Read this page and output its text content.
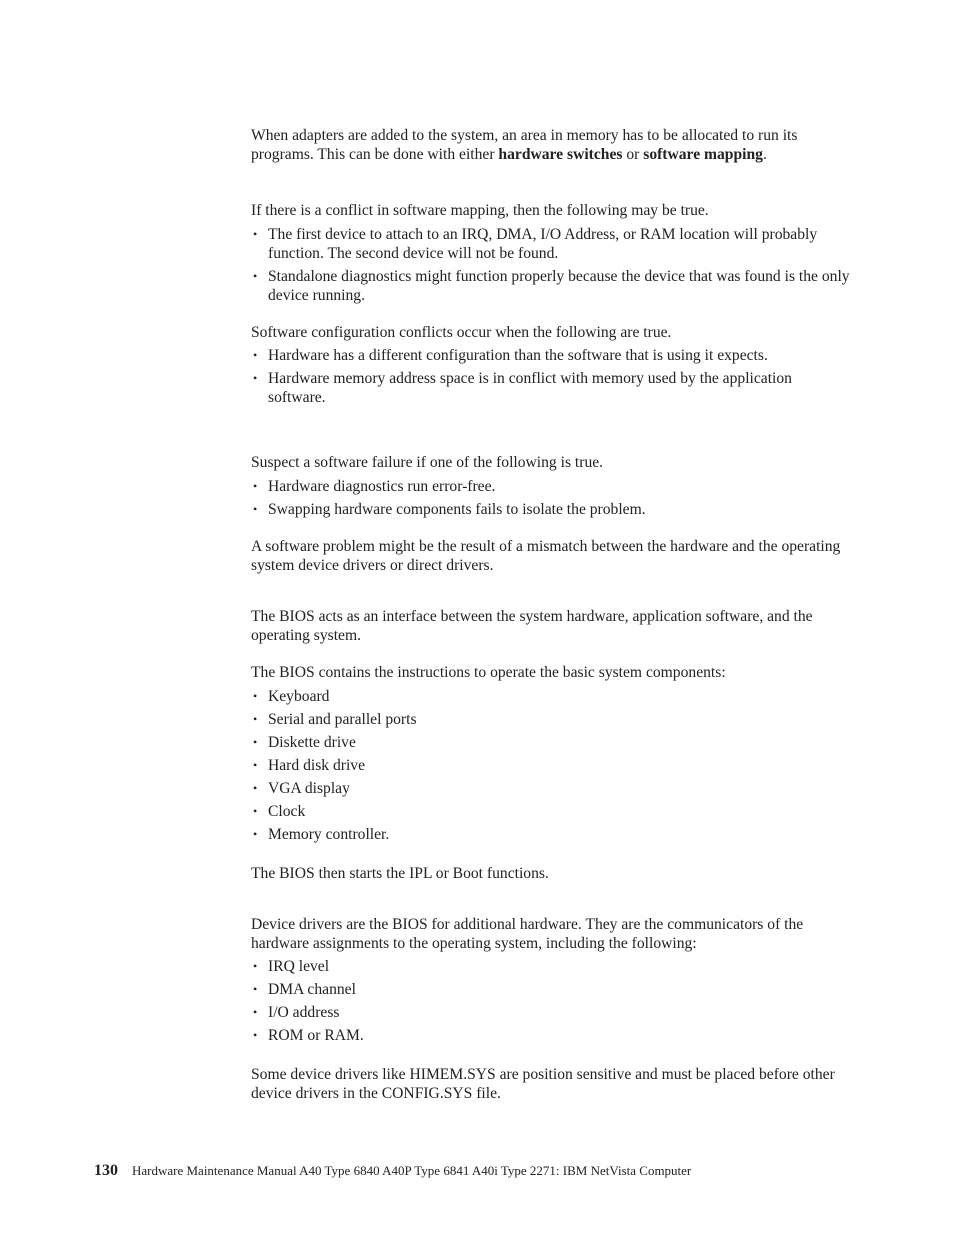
When adapters are added to the system, an area in memory has to be allocated to run its programs. This can be done with either hardware switches or software mapping.

If there is a conflict in software mapping, then the following may be true.

• The first device to attach to an IRQ, DMA, I/O Address, or RAM location will probably function. The second device will not be found.
• Standalone diagnostics might function properly because the device that was found is the only device running.

Software configuration conflicts occur when the following are true.

• Hardware has a different configuration than the software that is using it expects.
• Hardware memory address space is in conflict with memory used by the application software.

Suspect a software failure if one of the following is true.

• Hardware diagnostics run error-free.
• Swapping hardware components fails to isolate the problem.

A software problem might be the result of a mismatch between the hardware and the operating system device drivers or direct drivers.

The BIOS acts as an interface between the system hardware, application software, and the operating system.

The BIOS contains the instructions to operate the basic system components:

• Keyboard
• Serial and parallel ports
• Diskette drive
• Hard disk drive
• VGA display
• Clock
• Memory controller.

The BIOS then starts the IPL or Boot functions.

Device drivers are the BIOS for additional hardware. They are the communicators of the hardware assignments to the operating system, including the following:

• IRQ level
• DMA channel
• I/O address
• ROM or RAM.

Some device drivers like HIMEM.SYS are position sensitive and must be placed before other device drivers in the CONFIG.SYS file.

130 Hardware Maintenance Manual A40 Type 6840 A40P Type 6841 A40i Type 2271: IBM NetVista Computer
